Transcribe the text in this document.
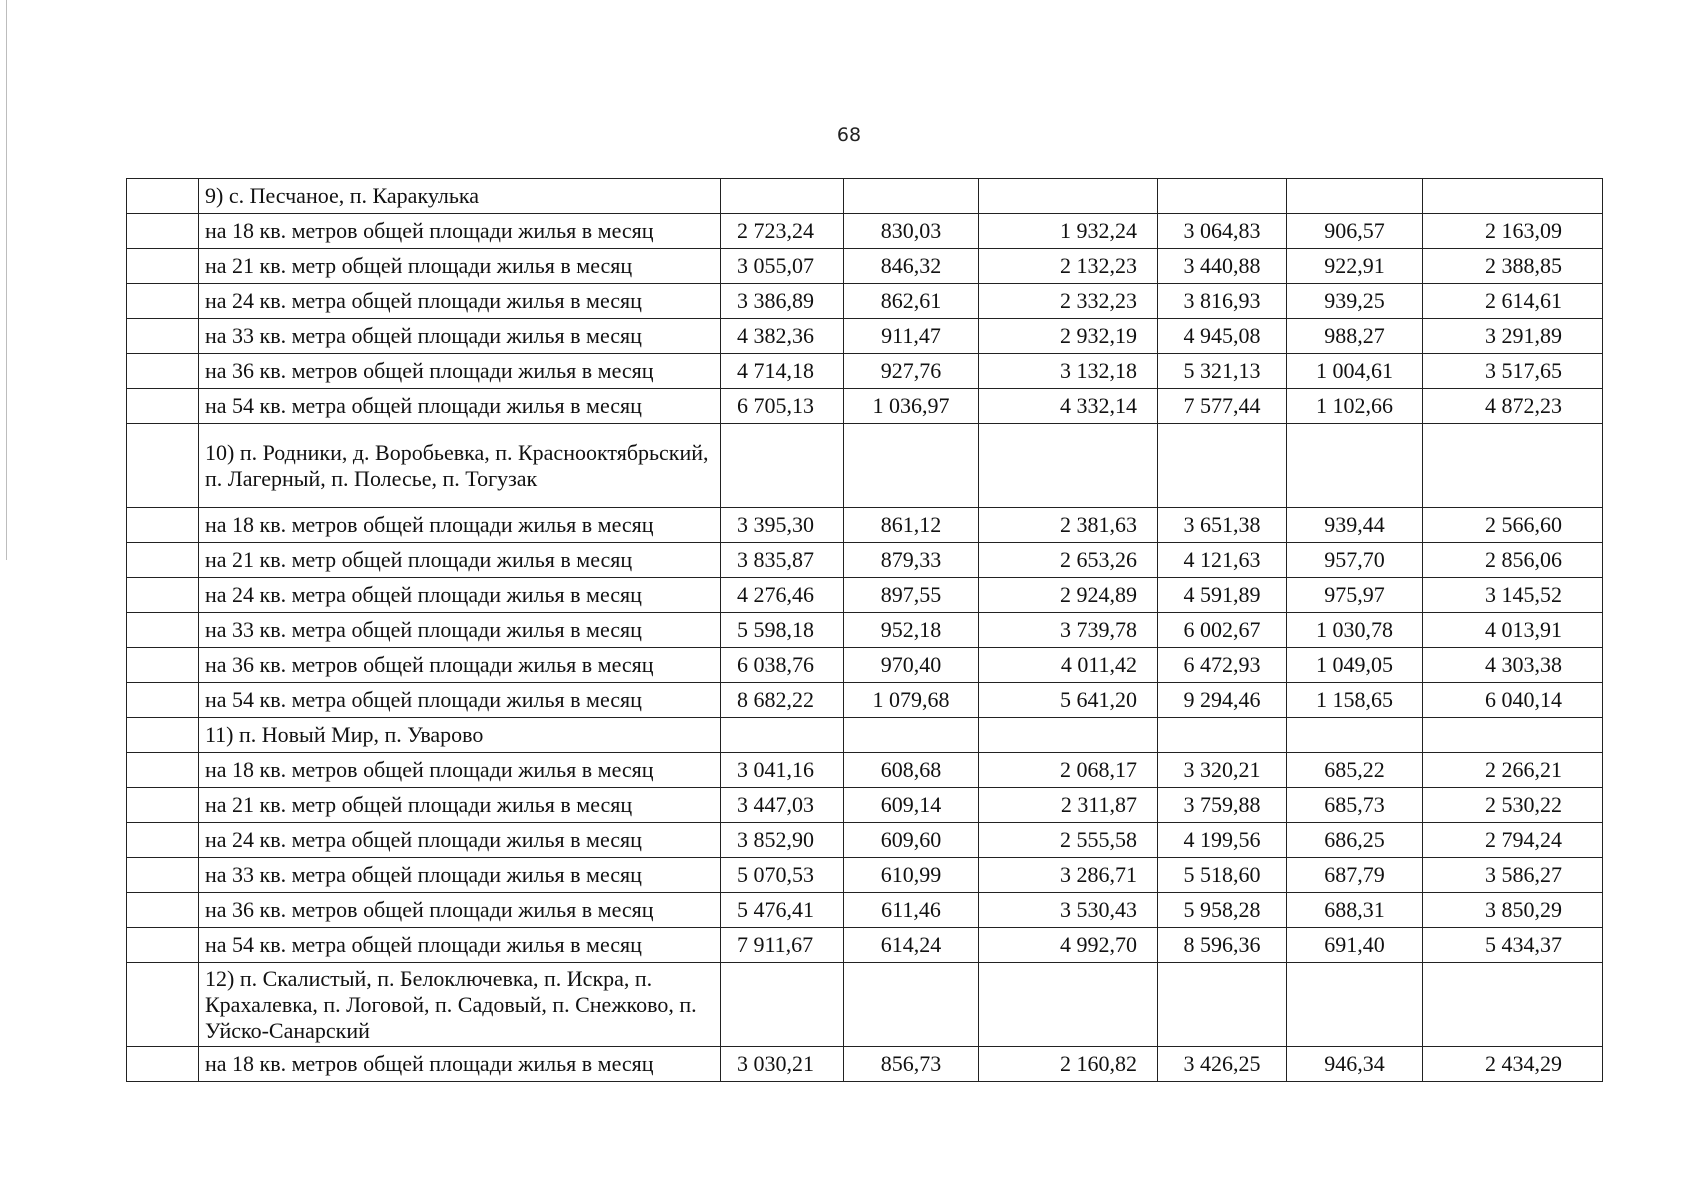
68
	9) с. Песчаное, п. Каракулька						
	на 18 кв. метров общей площади жилья в месяц	2 723,24	830,03	1 932,24	3 064,83	906,57	2 163,09
	на 21 кв. метр общей площади жилья в месяц	3 055,07	846,32	2 132,23	3 440,88	922,91	2 388,85
	на 24 кв. метра общей площади жилья в месяц	3 386,89	862,61	2 332,23	3 816,93	939,25	2 614,61
	на 33 кв. метра общей площади жилья в месяц	4 382,36	911,47	2 932,19	4 945,08	988,27	3 291,89
	на 36 кв. метров общей площади жилья в месяц	4 714,18	927,76	3 132,18	5 321,13	1 004,61	3 517,65
	на 54 кв. метра общей площади жилья в месяц	6 705,13	1 036,97	4 332,14	7 577,44	1 102,66	4 872,23
	10) п. Родники, д. Воробьевка, п. Краснооктябрьский, п. Лагерный, п. Полесье, п. Тогузак						
	на 18 кв. метров общей площади жилья в месяц	3 395,30	861,12	2 381,63	3 651,38	939,44	2 566,60
	на 21 кв. метр общей площади жилья в месяц	3 835,87	879,33	2 653,26	4 121,63	957,70	2 856,06
	на 24 кв. метра общей площади жилья в месяц	4 276,46	897,55	2 924,89	4 591,89	975,97	3 145,52
	на 33 кв. метра общей площади жилья в месяц	5 598,18	952,18	3 739,78	6 002,67	1 030,78	4 013,91
	на 36 кв. метров общей площади жилья в месяц	6 038,76	970,40	4 011,42	6 472,93	1 049,05	4 303,38
	на 54 кв. метра общей площади жилья в месяц	8 682,22	1 079,68	5 641,20	9 294,46	1 158,65	6 040,14
	11) п. Новый Мир, п. Уварово						
	на 18 кв. метров общей площади жилья в месяц	3 041,16	608,68	2 068,17	3 320,21	685,22	2 266,21
	на 21 кв. метр общей площади жилья в месяц	3 447,03	609,14	2 311,87	3 759,88	685,73	2 530,22
	на 24 кв. метра общей площади жилья в месяц	3 852,90	609,60	2 555,58	4 199,56	686,25	2 794,24
	на 33 кв. метра общей площади жилья в месяц	5 070,53	610,99	3 286,71	5 518,60	687,79	3 586,27
	на 36 кв. метров общей площади жилья в месяц	5 476,41	611,46	3 530,43	5 958,28	688,31	3 850,29
	на 54 кв. метра общей площади жилья в месяц	7 911,67	614,24	4 992,70	8 596,36	691,40	5 434,37
	12) п. Скалистый, п. Белоключевка, п. Искра, п. Крахалевка, п. Логовой, п. Садовый, п. Снежково, п. Уйско-Санарский						
	на 18 кв. метров общей площади жилья в месяц	3 030,21	856,73	2 160,82	3 426,25	946,34	2 434,29
